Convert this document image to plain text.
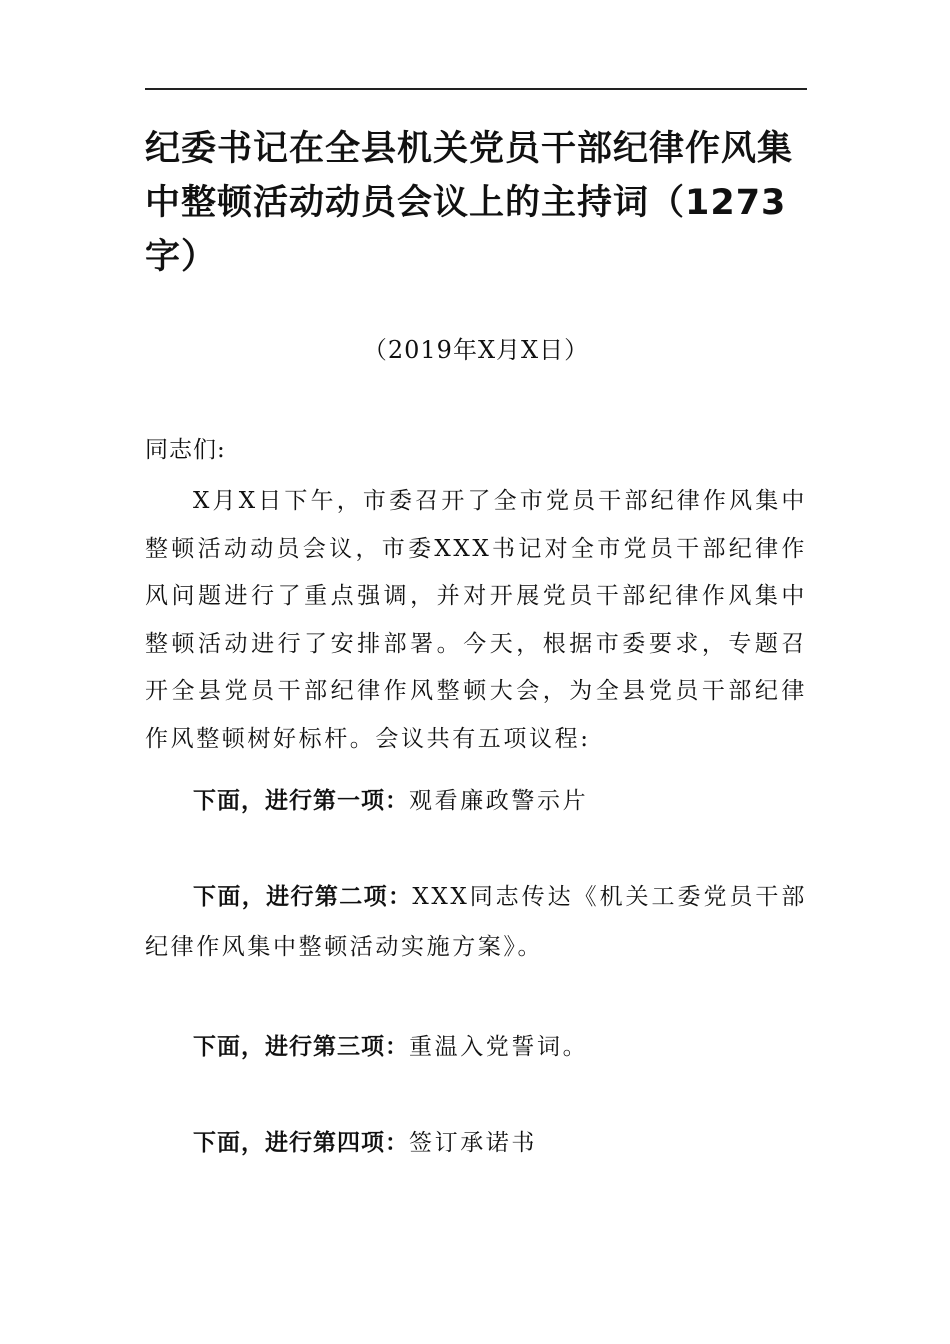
纪委书记在全县机关党员干部纪律作风集中整顿活动动员会议上的主持词（1273字）
（2019年X月X日）
同志们:

X月X日下午，市委召开了全市党员干部纪律作风集中整顿活动动员会议，市委XXX书记对全市党员干部纪律作风问题进行了重点强调，并对开展党员干部纪律作风集中整顿活动进行了安排部署。今天，根据市委要求，专题召开全县党员干部纪律作风整顿大会，为全县党员干部纪律作风整顿树好标杆。会议共有五项议程:

下面，进行第一项：观看廉政警示片

下面，进行第二项：XXX同志传达《机关工委党员干部纪律作风集中整顿活动实施方案》。

下面，进行第三项：重温入党誓词。

下面，进行第四项：签订承诺书
